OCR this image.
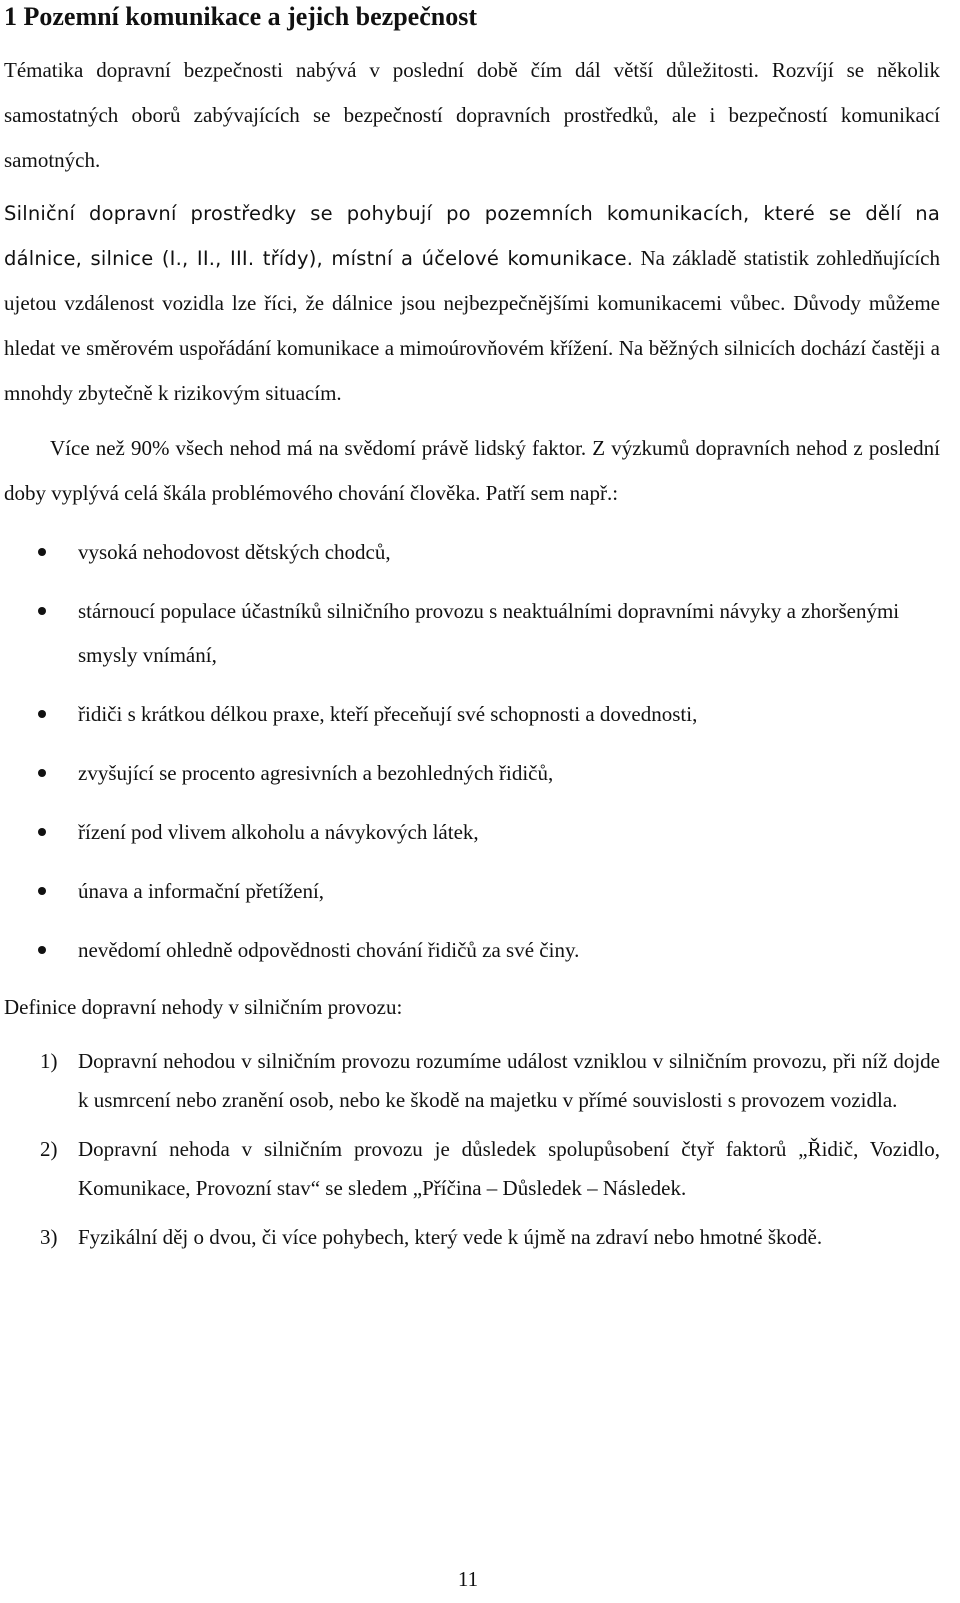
1 Pozemní komunikace a jejich bezpečnost

Tématika dopravní bezpečnosti nabývá v poslední době čím dál větší důležitosti. Rozvíjí se několik samostatných oborů zabývajících se bezpečností dopravních prostředků, ale i bezpečností komunikací samotných.

Silniční dopravní prostředky se pohybují po pozemních komunikacích, které se dělí na dálnice, silnice (I., II., III. třídy), místní a účelové komunikace. Na základě statistik zohledňujících ujetou vzdálenost vozidla lze říci, že dálnice jsou nejbezpečnějšími komunikacemi vůbec. Důvody můžeme hledat ve směrovém uspořádání komunikace a mimoúrovňovém křížení. Na běžných silnicích dochází častěji a mnohdy zbytečně k rizikovým situacím.

Více než 90% všech nehod má na svědomí právě lidský faktor. Z výzkumů dopravních nehod z poslední doby vyplývá celá škála problémového chování člověka. Patří sem např.:

vysoká nehodovost dětských chodců,
stárnoucí populace účastníků silničního provozu s neaktuálními dopravními návyky a zhoršenými smysly vnímání,
řidiči s krátkou délkou praxe, kteří přeceňují své schopnosti a dovednosti,
zvyšující se procento agresivních a bezohledných řidičů,
řízení pod vlivem alkoholu a návykových látek,
únava a informační přetížení,
nevědomí ohledně odpovědnosti chování řidičů za své činy.

Definice dopravní nehody v silničním provozu:

1) Dopravní nehodou v silničním provozu rozumíme událost vzniklou v silničním provozu, při níž dojde k usmrcení nebo zranění osob, nebo ke škodě na majetku v přímé souvislosti s provozem vozidla.
2) Dopravní nehoda v silničním provozu je důsledek spolupůsobení čtyř faktorů „Řidič, Vozidlo, Komunikace, Provozní stav“ se sledem „Příčina – Důsledek – Následek.
3) Fyzikální děj o dvou, či více pohybech, který vede k újmě na zdraví nebo hmotné škodě.
11
